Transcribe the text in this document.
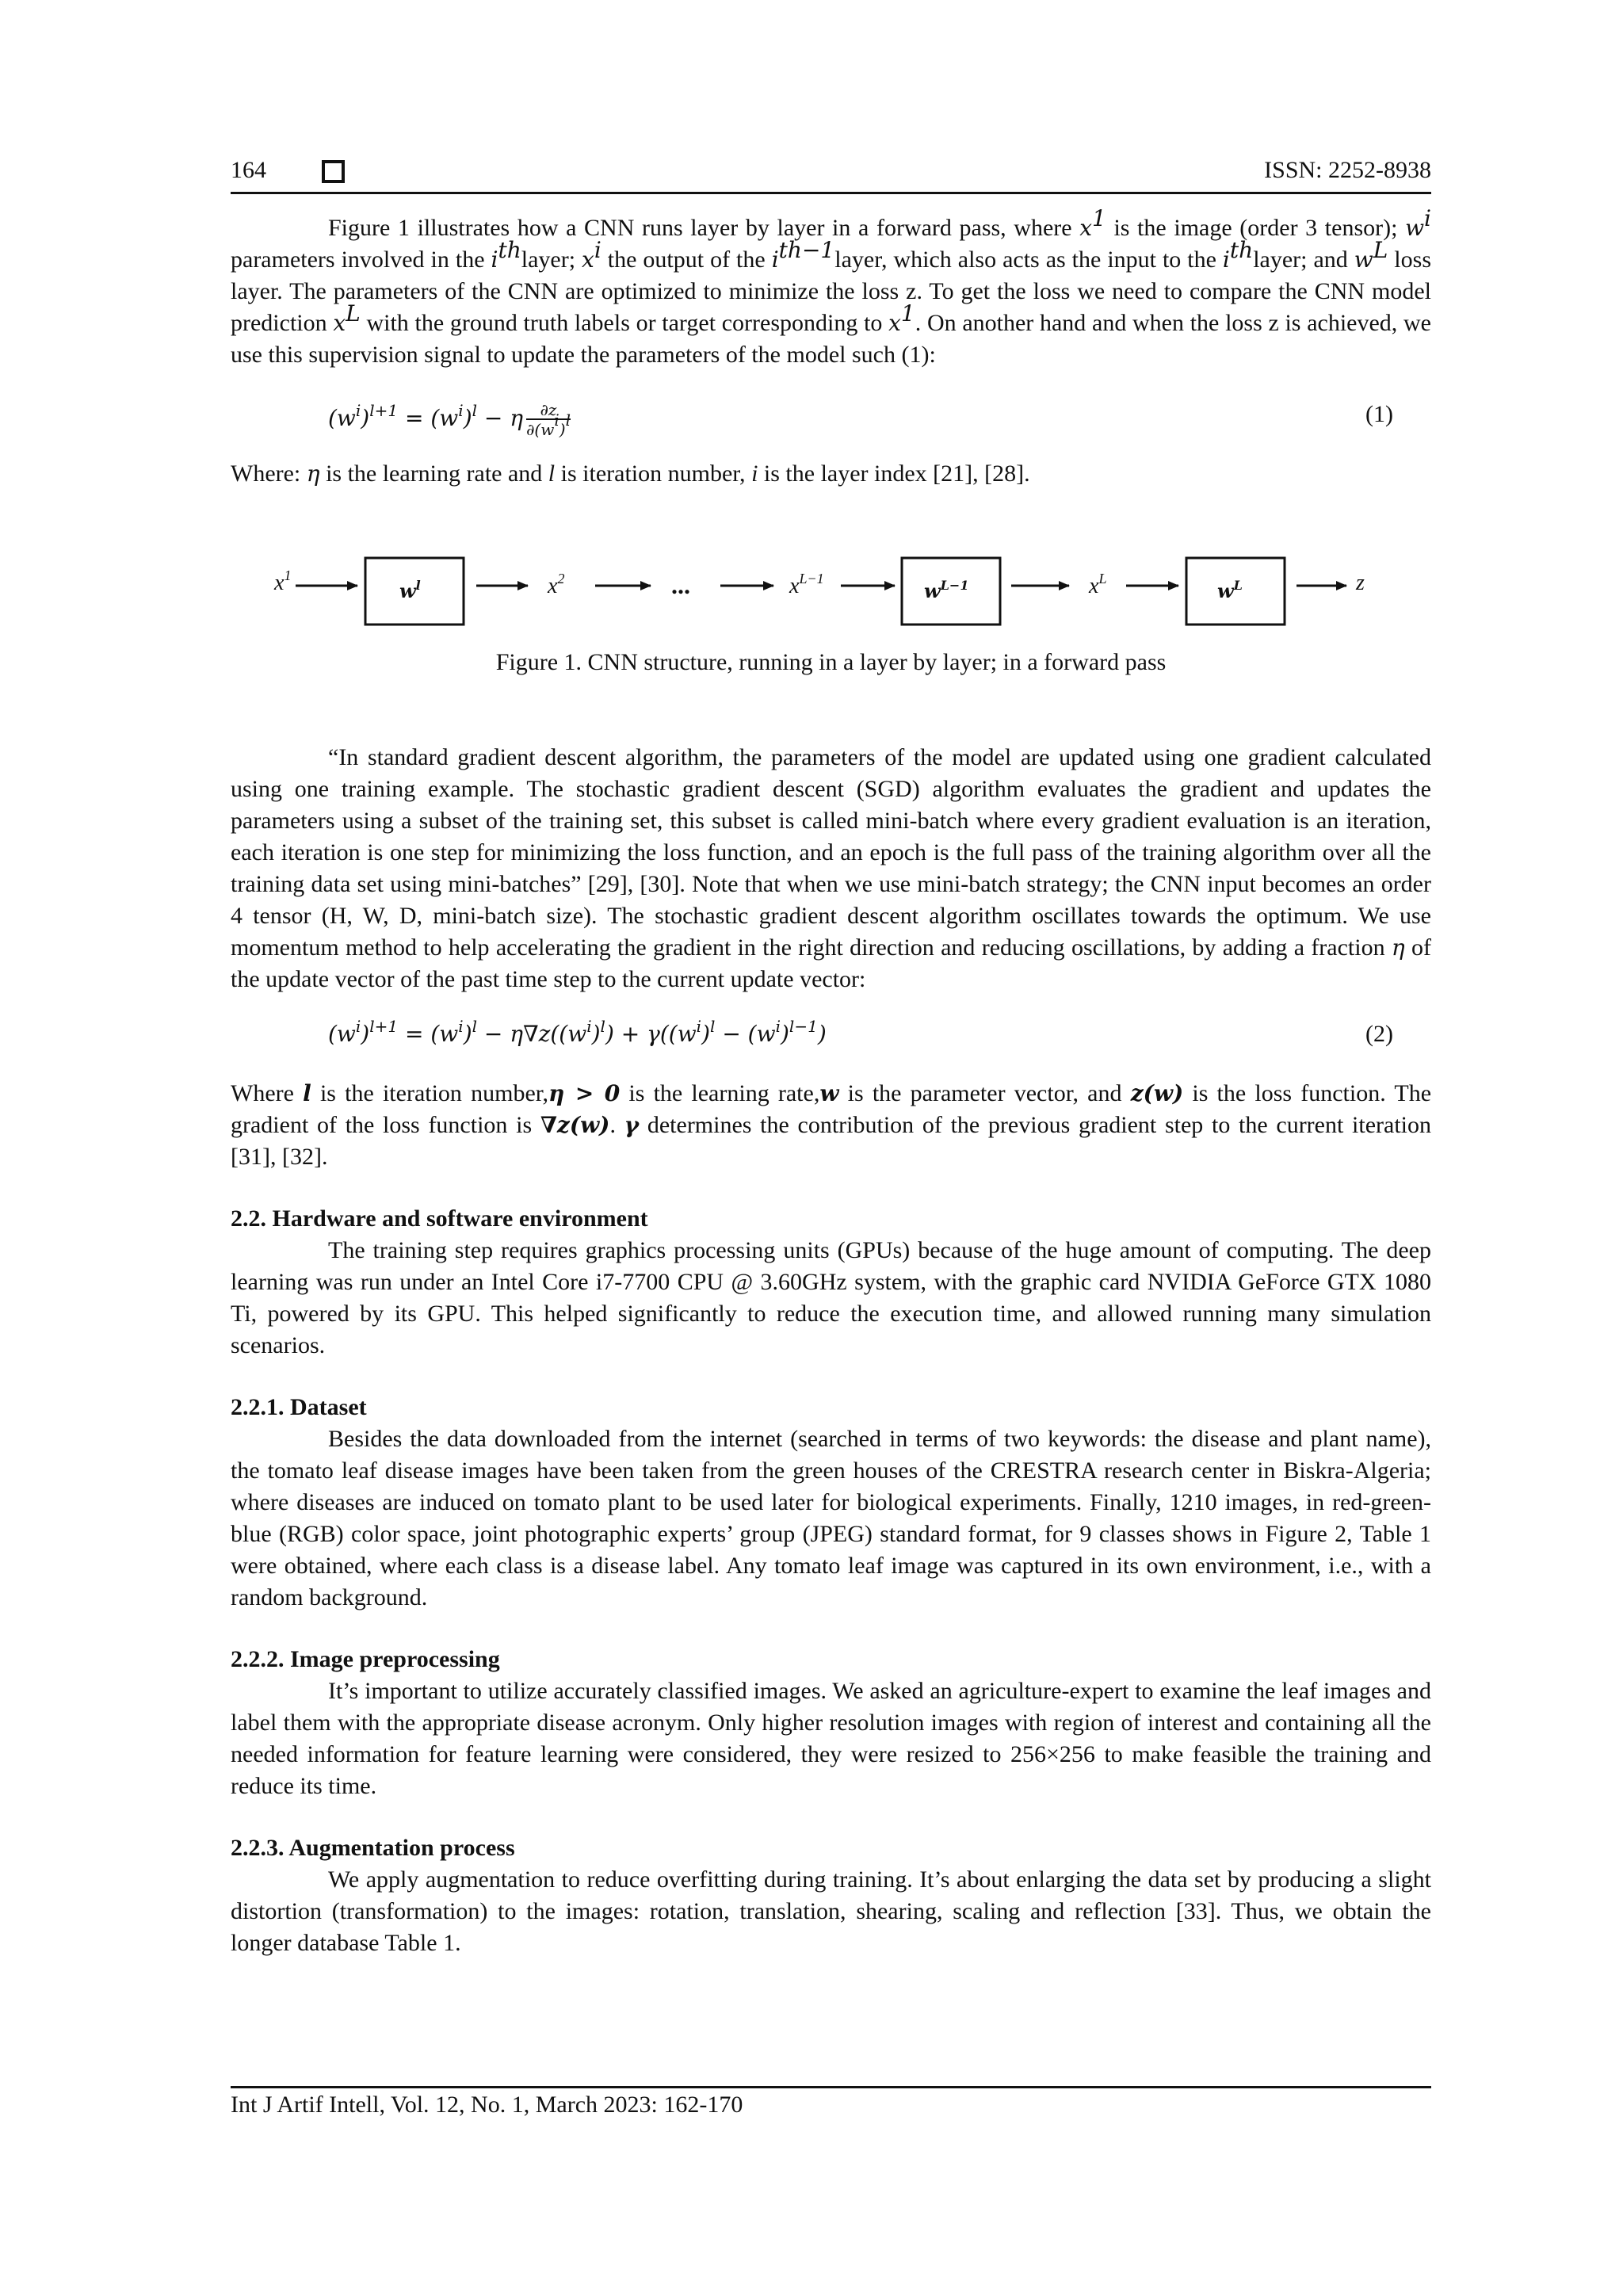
164	ISSN: 2252-8938

Figure 1 illustrates how a CNN runs layer by layer in a forward pass, where $x^1$ is the image (order 3 tensor); $w^i$ parameters involved in the $i^{th}layer$; $x^i$ the output of the $i^{th-1}layer$, which also acts as the input to the $i^{th}layer$; and $w^L$ loss layer. The parameters of the CNN are optimized to minimize the loss z. To get the loss we need to compare the CNN model prediction $x^L$ with the ground truth labels or target corresponding to $x^1$. On another hand and when the loss z is achieved, we use this supervision signal to update the parameters of the model such (1):

$(w^i)^{l+1} = (w^i)^l - \eta \frac{\partial z}{\partial(w^i)^l}$	(1)

Where: η is the learning rate and l is iteration number, i is the layer index [21], [28].

$x^1$	$x^2$	$x^{L-1}$	$x^L$	z
...
$w^l$	$w^{L-1}$	$w^L$
Figure 1. CNN structure, running in a layer by layer; in a forward pass

“In standard gradient descent algorithm, the parameters of the model are updated using one gradient calculated using one training example. The stochastic gradient descent (SGD) algorithm evaluates the gradient and updates the parameters using a subset of the training set, this subset is called mini-batch where every gradient evaluation is an iteration, each iteration is one step for minimizing the loss function, and an epoch is the full pass of the training algorithm over all the training data set using mini-batches” [29], [30]. Note that when we use mini-batch strategy; the CNN input becomes an order 4 tensor (H, W, D, mini-batch size). The stochastic gradient descent algorithm oscillates towards the optimum. We use momentum method to help accelerating the gradient in the right direction and reducing oscillations, by adding a fraction η of the update vector of the past time step to the current update vector:

$(w^i)^{l+1} = (w^i)^l - \eta\nabla z((w^i)^l) + \gamma((w^i)^l - (w^i)^{l-1})$	(2)

Where l is the iteration number,η > 0 is the learning rate,w is the parameter vector, and z(w) is the loss function. The gradient of the loss function is ∇z(w). γ determines the contribution of the previous gradient step to the current iteration [31], [32].

2.2. Hardware and software environment

The training step requires graphics processing units (GPUs) because of the huge amount of computing. The deep learning was run under an Intel Core i7-7700 CPU @ 3.60GHz system, with the graphic card NVIDIA GeForce GTX 1080 Ti, powered by its GPU. This helped significantly to reduce the execution time, and allowed running many simulation scenarios.

2.2.1. Dataset

Besides the data downloaded from the internet (searched in terms of two keywords: the disease and plant name), the tomato leaf disease images have been taken from the green houses of the CRESTRA research center in Biskra-Algeria; where diseases are induced on tomato plant to be used later for biological experiments. Finally, 1210 images, in red-green-blue (RGB) color space, joint photographic experts’ group (JPEG) standard format, for 9 classes shows in Figure 2, Table 1 were obtained, where each class is a disease label. Any tomato leaf image was captured in its own environment, i.e., with a random background.

2.2.2. Image preprocessing

It’s important to utilize accurately classified images. We asked an agriculture-expert to examine the leaf images and label them with the appropriate disease acronym. Only higher resolution images with region of interest and containing all the needed information for feature learning were considered, they were resized to 256×256 to make feasible the training and reduce its time.

2.2.3. Augmentation process

We apply augmentation to reduce overfitting during training. It’s about enlarging the data set by producing a slight distortion (transformation) to the images: rotation, translation, shearing, scaling and reflection [33]. Thus, we obtain the longer database Table 1.

Int J Artif Intell, Vol. 12, No. 1, March 2023: 162-170
